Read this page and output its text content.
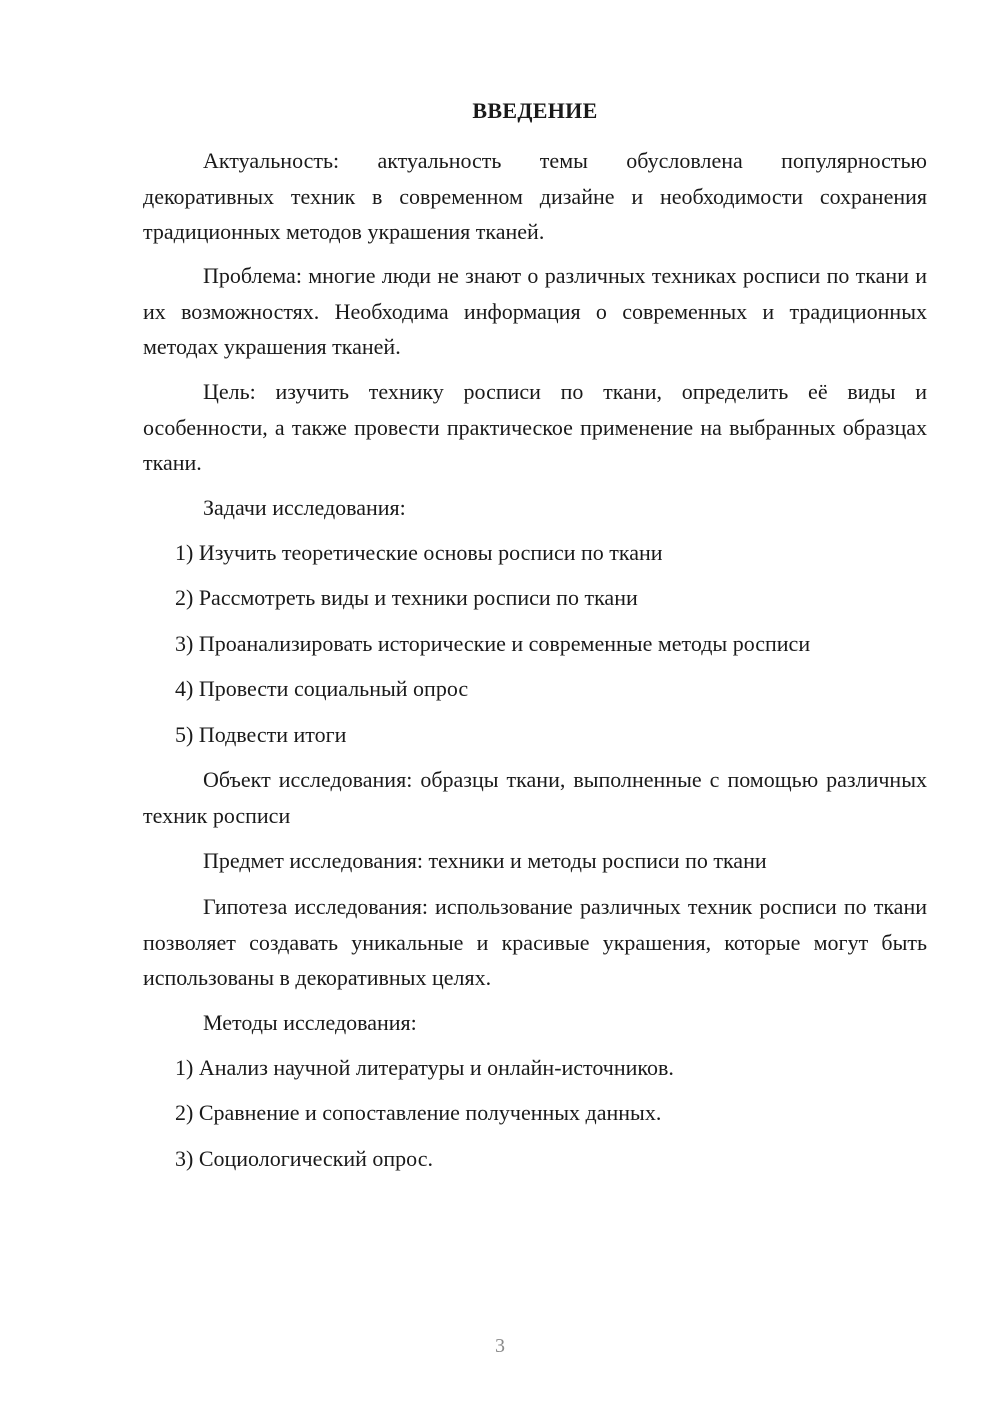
ВВЕДЕНИЕ
Актуальность: актуальность темы обусловлена популярностью декоративных техник в современном дизайне и необходимости сохранения традиционных методов украшения тканей.
Проблема: многие люди не знают о различных техниках росписи по ткани и их возможностях. Необходима информация о современных и традиционных методах украшения тканей.
Цель: изучить технику росписи по ткани, определить её виды и особенности, а также провести практическое применение на выбранных образцах ткани.
Задачи исследования:
1) Изучить теоретические основы росписи по ткани
2) Рассмотреть виды и техники росписи по ткани
3) Проанализировать исторические и современные методы росписи
4) Провести социальный опрос
5) Подвести итоги
Объект исследования: образцы ткани, выполненные с помощью различных техник росписи
Предмет исследования: техники и методы росписи по ткани
Гипотеза исследования: использование различных техник росписи по ткани позволяет создавать уникальные и красивые украшения, которые могут быть использованы в декоративных целях.
Методы исследования:
1) Анализ научной литературы и онлайн-источников.
2) Сравнение и сопоставление полученных данных.
3) Социологический опрос.
3
